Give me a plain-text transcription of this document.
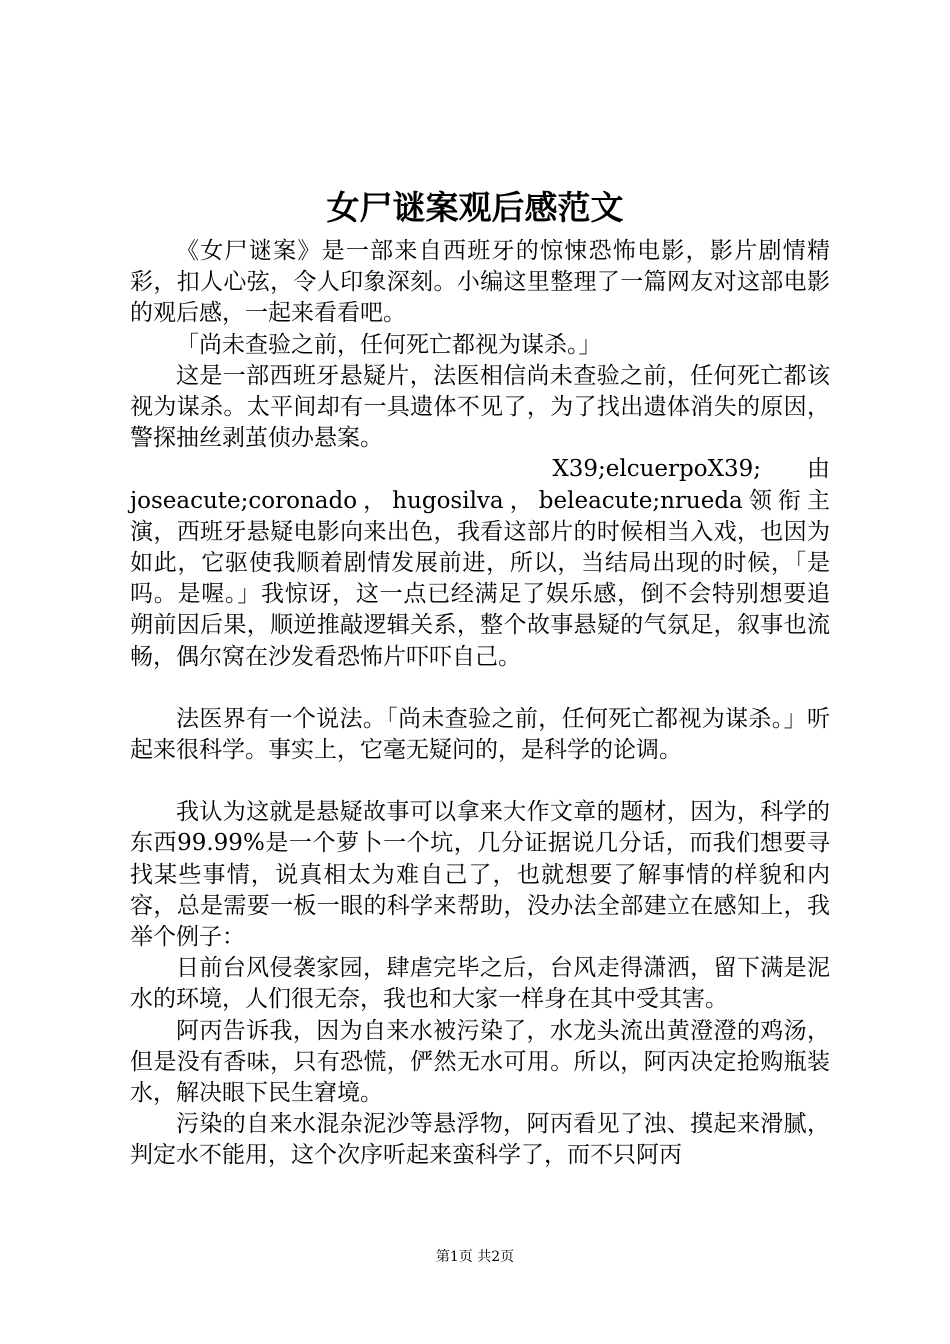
女尸谜案观后感范文

《女尸谜案》是一部来自西班牙的惊悚恐怖电影，影片剧情精彩，扣人心弦，令人印象深刻。小编这里整理了一篇网友对这部电影的观后感，一起来看看吧。

「尚未查验之前，任何死亡都视为谋杀。」

这是一部西班牙悬疑片，法医相信尚未查验之前，任何死亡都该视为谋杀。太平间却有一具遗体不见了，为了找出遗体消失的原因，警探抽丝剥茧侦办悬案。

X39;elcuerpoX39;　　由

joseacute;coronado，hugosilva，beleacute;nrueda领衔主演，西班牙悬疑电影向来出色，我看这部片的时候相当入戏，也因为如此，它驱使我顺着剧情发展前进，所以，当结局出现的时候，「是吗。是喔。」我惊讶，这一点已经满足了娱乐感，倒不会特别想要追朔前因后果，顺逆推敲逻辑关系，整个故事悬疑的气氛足，叙事也流畅，偶尔窝在沙发看恐怖片吓吓自己。

法医界有一个说法。「尚未查验之前，任何死亡都视为谋杀。」听起来很科学。事实上，它毫无疑问的，是科学的论调。

我认为这就是悬疑故事可以拿来大作文章的题材，因为，科学的东西99.99%是一个萝卜一个坑，几分证据说几分话，而我们想要寻找某些事情，说真相太为难自己了，也就想要了解事情的样貌和内容，总是需要一板一眼的科学来帮助，没办法全部建立在感知上，我举个例子：

日前台风侵袭家园，肆虐完毕之后，台风走得潇洒，留下满是泥水的环境，人们很无奈，我也和大家一样身在其中受其害。

阿丙告诉我，因为自来水被污染了，水龙头流出黄澄澄的鸡汤，但是没有香味，只有恐慌，俨然无水可用。所以，阿丙决定抢购瓶装水，解决眼下民生窘境。

污染的自来水混杂泥沙等悬浮物，阿丙看见了浊、摸起来滑腻，判定水不能用，这个次序听起来蛮科学了，而不只阿丙

第1页 共2页
